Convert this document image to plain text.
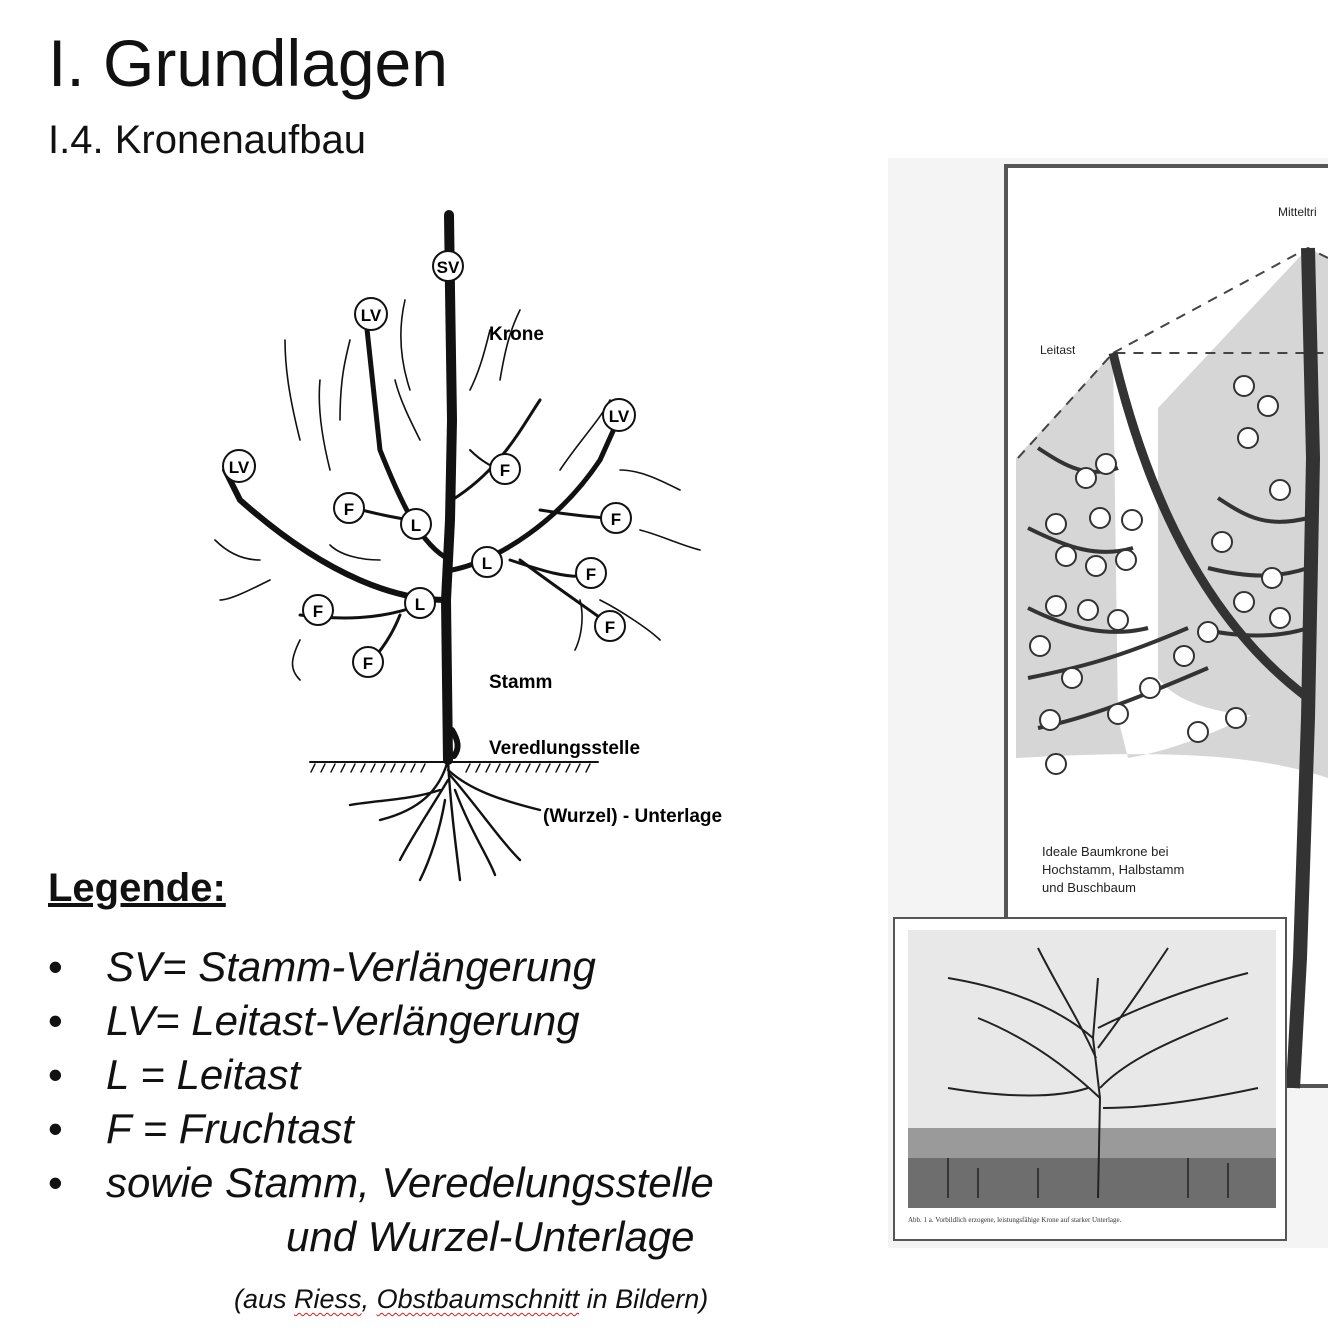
I. Grundlagen
I.4. Kronenaufbau
SV
LV
LV
LV
L
L
L
F
F
F
F
F
F
F
Krone
Stamm
Veredlungsstelle
(Wurzel) - Unterlage
Legende:
• SV= Stamm-Verlängerung
• LV= Leitast-Verlängerung
• L = Leitast
• F = Fruchtast
• sowie Stamm, Veredelungsstelle
und Wurzel-Unterlage
(aus Riess, Obstbaumschnitt in Bildern)
Mitteltri
Leitast
Ideale Baumkrone bei
Hochstamm, Halbstamm
und Buschbaum
Abb. 1 a. Vorbildlich erzogene, leistungsfähige Krone auf starker Unterlage.
